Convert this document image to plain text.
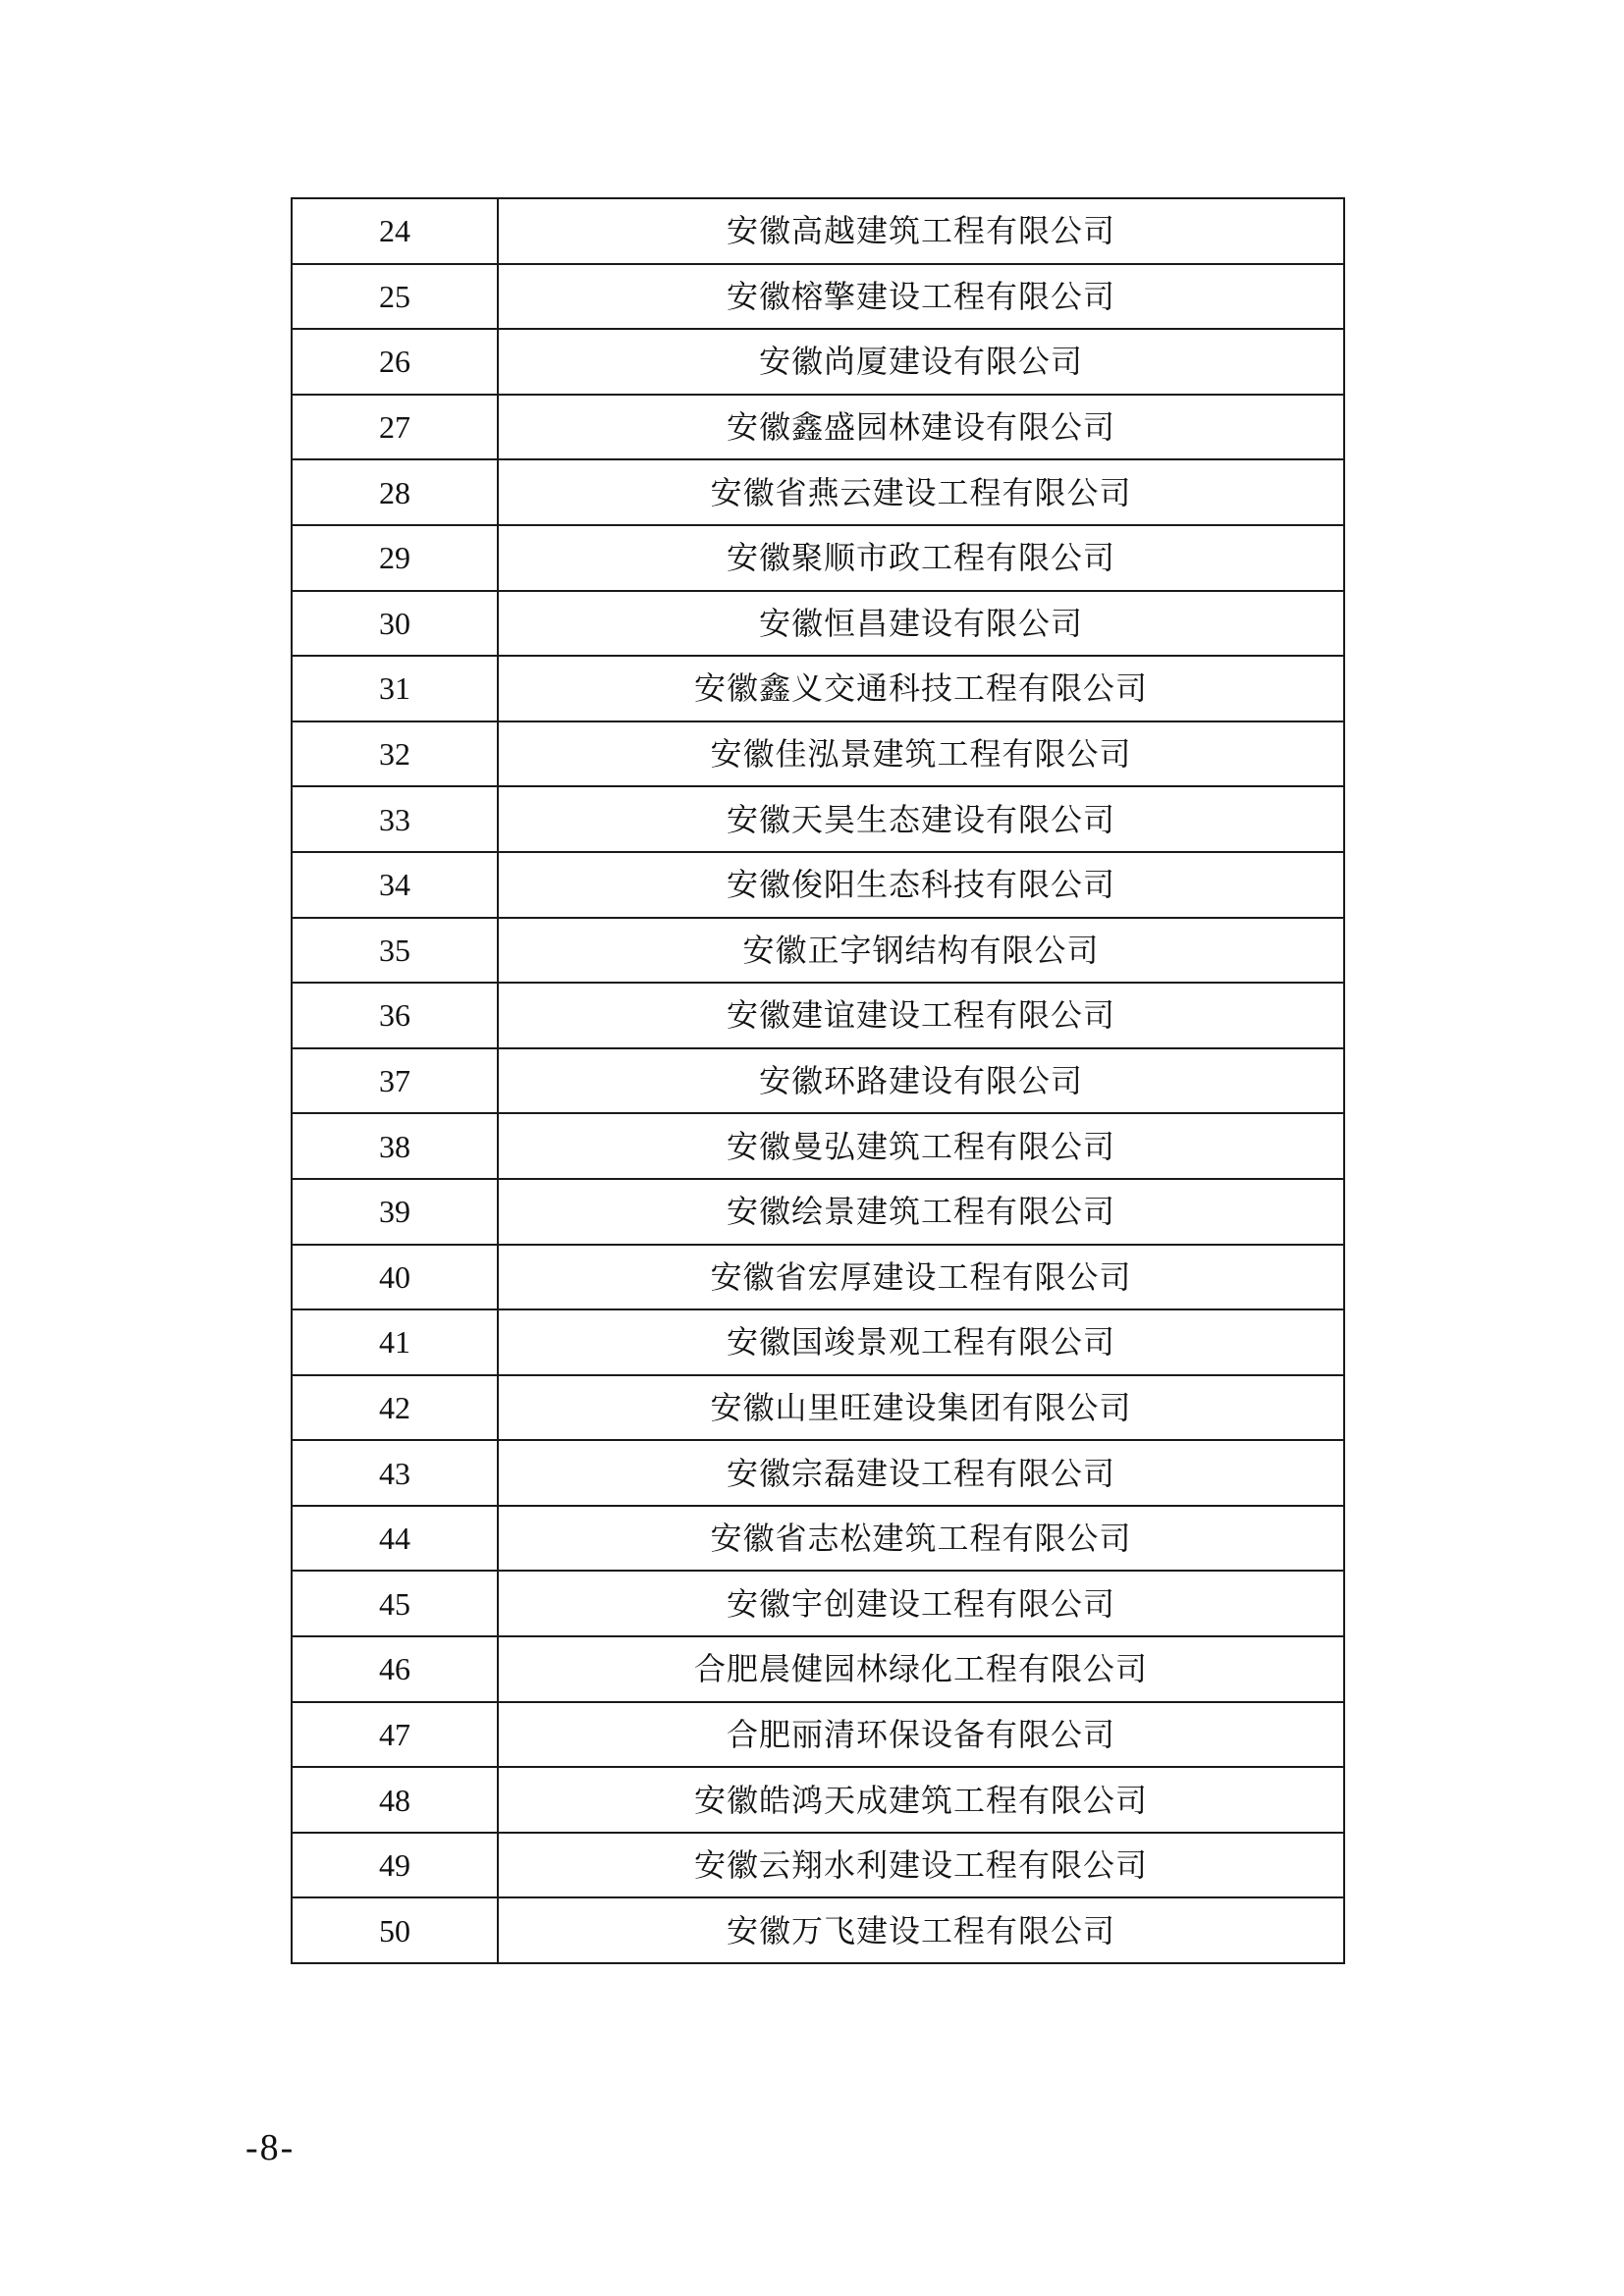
24	安徽高越建筑工程有限公司
25	安徽榕擎建设工程有限公司
26	安徽尚厦建设有限公司
27	安徽鑫盛园林建设有限公司
28	安徽省燕云建设工程有限公司
29	安徽聚顺市政工程有限公司
30	安徽恒昌建设有限公司
31	安徽鑫义交通科技工程有限公司
32	安徽佳泓景建筑工程有限公司
33	安徽天昊生态建设有限公司
34	安徽俊阳生态科技有限公司
35	安徽正字钢结构有限公司
36	安徽建谊建设工程有限公司
37	安徽环路建设有限公司
38	安徽曼弘建筑工程有限公司
39	安徽绘景建筑工程有限公司
40	安徽省宏厚建设工程有限公司
41	安徽国竣景观工程有限公司
42	安徽山里旺建设集团有限公司
43	安徽宗磊建设工程有限公司
44	安徽省志松建筑工程有限公司
45	安徽宇创建设工程有限公司
46	合肥晨健园林绿化工程有限公司
47	合肥丽清环保设备有限公司
48	安徽皓鸿天成建筑工程有限公司
49	安徽云翔水利建设工程有限公司
50	安徽万飞建设工程有限公司
-8-
